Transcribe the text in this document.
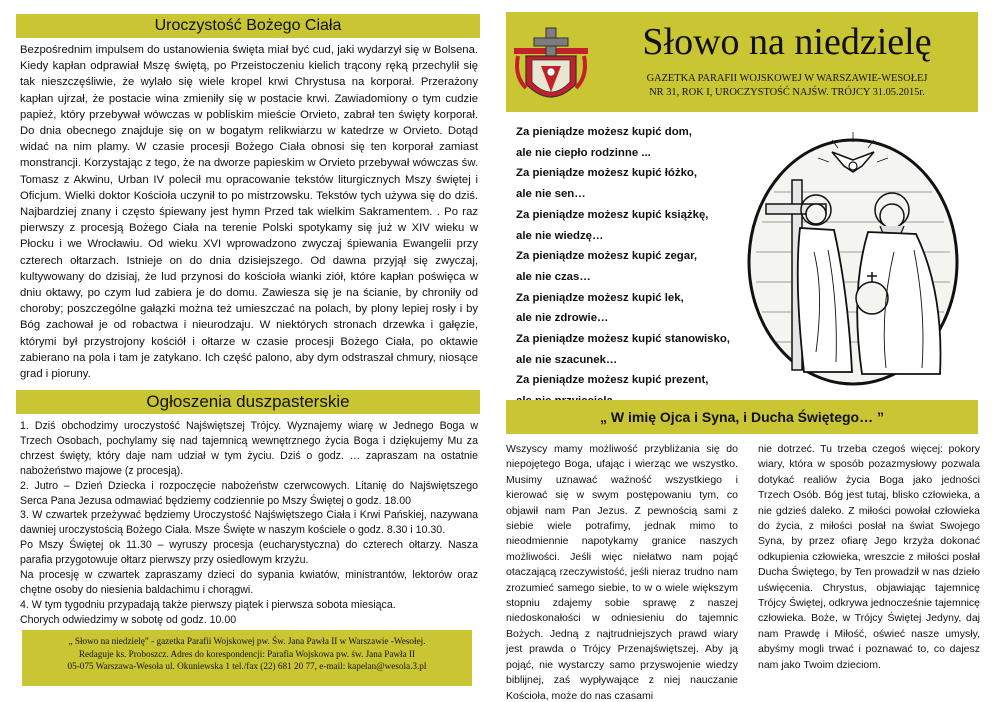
Uroczystość Bożego Ciała
Bezpośrednim impulsem do ustanowienia święta miał być cud, jaki wydarzył się w Bolsena. Kiedy kapłan odprawiał Mszę świętą, po Przeistoczeniu kielich trącony ręką przechylił się tak nieszczęśliwie, że wylało się wiele kropel krwi Chrystusa na korporał. Przerażony kapłan ujrzał, że postacie wina zmieniły się w postacie krwi. Zawiadomiony o tym cudzie papież, który przebywał wówczas w pobliskim mieście Orvieto, zabrał ten święty korporał. Do dnia obecnego znajduje się on w bogatym relikwiarzu w katedrze w Orvieto. Dotąd widać na nim plamy. W czasie procesji Bożego Ciała obnosi się ten korporał zamiast monstrancji. Korzystając z tego, że na dworze papieskim w Orvieto przebywał wówczas św. Tomasz z Akwinu, Urban IV polecił mu opracowanie tekstów liturgicznych Mszy świętej i Oficjum. Wielki doktor Kościoła uczynił to po mistrzowsku. Tekstów tych używa się do dziś. Najbardziej znany i często śpiewany jest hymn Przed tak wielkim Sakramentem. . Po raz pierwszy z procesją Bożego Ciała na terenie Polski spotykamy się już w XIV wieku w Płocku i we Wrocławiu. Od wieku XVI wprowadzono zwyczaj śpiewania Ewangelii przy czterech ołtarzach. Istnieje on do dnia dzisiejszego. Od dawna przyjął się zwyczaj, kultywowany do dzisiaj, że lud przynosi do kościoła wianki ziół, które kapłan poświęca w dniu oktawy, po czym lud zabiera je do domu. Zawiesza się je na ścianie, by chroniły od choroby; poszczególne gałązki można też umieszczać na polach, by plony lepiej rosły i by Bóg zachował je od robactwa i nieurodzaju. W niektórych stronach drzewka i gałęzie, którymi był przystrojony kościół i ołtarze w czasie procesji Bożego Ciała, po oktawie zabierano na pola i tam je zatykano. Ich część palono, aby dym odstraszał chmury, niosące grad i pioruny.
Ogłoszenia duszpasterskie

1. Dziś obchodzimy uroczystość Najświętszej Trójcy. Wyznajemy wiarę w Jednego Boga w Trzech Osobach, pochylamy się nad tajemnicą wewnętrznego życia Boga i dziękujemy Mu za chrzest święty, który daje nam udział w tym życiu. Dziś o godz. … zapraszam na ostatnie nabożeństwo majowe (z procesją).

2. Jutro – Dzień Dziecka i rozpoczęcie nabożeństw czerwcowych. Litanię do Najświętszego Serca Pana Jezusa odmawiać będziemy codziennie po Mszy Świętej o godz. 18.00

3. W czwartek przeżywać będziemy Uroczystość Najświętszego Ciała i Krwi Pańskiej, nazywana dawniej uroczystością Bożego Ciała. Msze Święte w naszym kościele o godz. 8.30 i 10.30.

Po Mszy Świętej ok 11.30 – wyruszy procesja (eucharystyczna) do czterech ołtarzy. Nasza parafia przygotowuje ołtarz pierwszy przy osiedlowym krzyżu.

Na procesję w czwartek zapraszamy dzieci do sypania kwiatów, ministrantów, lektorów oraz chętne osoby do niesienia baldachimu i chorągwi.

4. W tym tygodniu przypadają także pierwszy piątek i pierwsza sobota miesiąca.

Chorych odwiedzimy w sobotę od godz. 10.00

„ Słowo na niedzielę” - gazetka Parafii Wojskowej pw. Św. Jana Pawła II w Warszawie -Wesołej.
Redaguje ks. Proboszcz. Adres do korespondencji: Parafia Wojskowa pw. św. Jana Pawła II
05-075 Warszawa-Wesoła ul. Okuniewska 1 tel./fax (22) 681 20 77, e-mail: kapelan@wesola.3.pl
Słowo na niedzielę
GAZETKA PARAFII WOJSKOWEJ W WARSZAWIE-WESOŁEJ
NR 31, ROK I, UROCZYSTOŚĆ NAJŚW. TRÓJCY 31.05.2015r.
Za pieniądze możesz kupić dom,
ale nie ciepło rodzinne ...
Za pieniądze możesz kupić łóżko,
ale nie sen…
Za pieniądze możesz kupić książkę,
ale nie wiedzę…
Za pieniądze możesz kupić zegar,
ale nie czas…
Za pieniądze możesz kupić lek,
ale nie zdrowie…
Za pieniądze możesz kupić stanowisko,
ale nie szacunek…
Za pieniądze możesz kupić prezent,
„ W imię Ojca i Syna, i Ducha Świętego… ”
Wszyscy mamy możliwość przybliżania się do niepojętego Boga, ufając i wierząc we wszystko. Musimy uznawać ważność wszystkiego i kierować się w swym postępowaniu tym, co objawił nam Pan Jezus. Z pewnością sami z siebie wiele potrafimy, jednak mimo to nieodmiennie napotykamy granice naszych możliwości. Jeśli więc niełatwo nam pojąć otaczającą rzeczywistość, jeśli nieraz trudno nam zrozumieć samego siebie, to w o wiele większym stopniu zdajemy sobie sprawę z naszej niedoskonałości w odniesieniu do tajemnic Bożych. Jedną z najtrudniejszych prawd wiary jest prawda o Trójcy Przenajświętszej. Aby ją pojąć, nie wystarczy samo przyswojenie wiedzy biblijnej, zaś wypływające z niej nauczanie Kościoła, może do nas czasami
nie dotrzeć. Tu trzeba czegoś więcej: pokory wiary, która w sposób pozazmysłowy pozwala dotykać realiów życia Boga jako jedności Trzech Osób. Bóg jest tutaj, blisko człowieka, a nie gdzieś daleko. Z miłości powołał człowieka do życia, z miłości posłał na świat Swojego Syna, by przez ofiarę Jego krzyża dokonać odkupienia człowieka, wreszcie z miłości posłał Ducha Świętego, by Ten prowadził w nas dzieło uświęcenia. Chrystus, objawiając tajemnicę Trójcy Świętej, odkrywa jednocześnie tajemnicę człowieka. Boże, w Trójcy Świętej Jedyny, daj nam Prawdę i Miłość, oświeć nasze umysły, abyśmy mogli trwać i poznawać to, co dajesz nam jako Twoim dzieciom.
